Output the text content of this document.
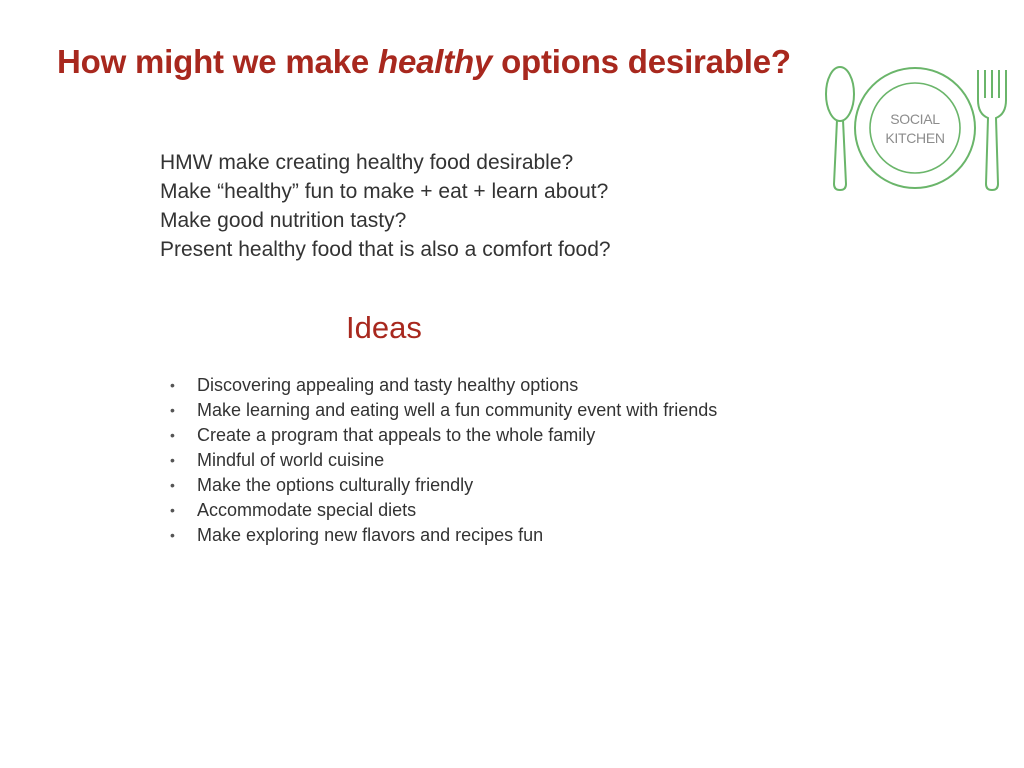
How might we make healthy options desirable?
SOCIAL
KITCHEN
HMW make creating healthy food desirable?
Make “healthy” fun to make + eat + learn about?
Make good nutrition tasty?
Present healthy food that is also a comfort food?
Ideas
• Discovering appealing and tasty healthy options
• Make learning and eating well a fun community event with friends
• Create a program that appeals to the whole family
• Mindful of world cuisine
• Make the options culturally friendly
• Accommodate special diets
• Make exploring new flavors and recipes fun
